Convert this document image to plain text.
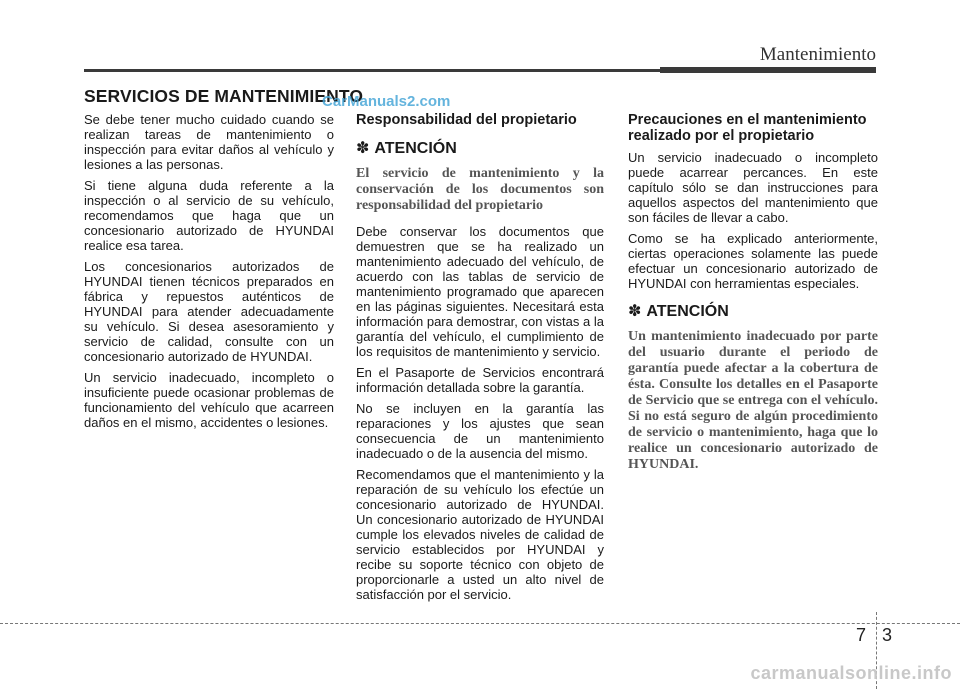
Mantenimiento
SERVICIOS DE MANTENIMIENTO
CarManuals2.com

Se debe tener mucho cuidado cuando se realizan tareas de mantenimiento o inspección para evitar daños al vehículo y lesiones a las personas.

Si tiene alguna duda referente a la inspección o al servicio de su vehículo, recomendamos que haga que un concesionario autorizado de HYUNDAI realice esa tarea.

Los concesionarios autorizados de HYUNDAI tienen técnicos preparados en fábrica y repuestos auténticos de HYUNDAI para atender adecuadamente su vehículo. Si desea asesoramiento y servicio de calidad, consulte con un concesionario autorizado de HYUNDAI.

Un servicio inadecuado, incompleto o insuficiente puede ocasionar problemas de funcionamiento del vehículo que acarreen daños en el mismo, accidentes o lesiones.

Responsabilidad del propietario
✽ ATENCIÓN

El servicio de mantenimiento y la conservación de los documentos son responsabilidad del propietario

Debe conservar los documentos que demuestren que se ha realizado un mantenimiento adecuado del vehículo, de acuerdo con las tablas de servicio de mantenimiento programado que aparecen en las páginas siguientes. Necesitará esta información para demostrar, con vistas a la garantía del vehículo, el cumplimiento de los requisitos de mantenimiento y servicio.

En el Pasaporte de Servicios encontrará información detallada sobre la garantía.

No se incluyen en la garantía las reparaciones y los ajustes que sean consecuencia de un mantenimiento inadecuado o de la ausencia del mismo.

Recomendamos que el mantenimiento y la reparación de su vehículo los efectúe un concesionario autorizado de HYUNDAI. Un concesionario autorizado de HYUNDAI cumple los elevados niveles de calidad de servicio establecidos por HYUNDAI y recibe su soporte técnico con objeto de proporcionarle a usted un alto nivel de satisfacción por el servicio.

Precauciones en el mantenimiento realizado por el propietario

Un servicio inadecuado o incompleto puede acarrear percances. En este capítulo sólo se dan instrucciones para aquellos aspectos del mantenimiento que son fáciles de llevar a cabo.

Como se ha explicado anteriormente, ciertas operaciones solamente las puede efectuar un concesionario autorizado de HYUNDAI con herramientas especiales.

✽ ATENCIÓN

Un mantenimiento inadecuado por parte del usuario durante el periodo de garantía puede afectar a la cobertura de ésta. Consulte los detalles en el Pasaporte de Servicio que se entrega con el vehículo. Si no está seguro de algún procedimiento de servicio o mantenimiento, haga que lo realice un concesionario autorizado de HYUNDAI.

7 3
carmanualsonline.info
